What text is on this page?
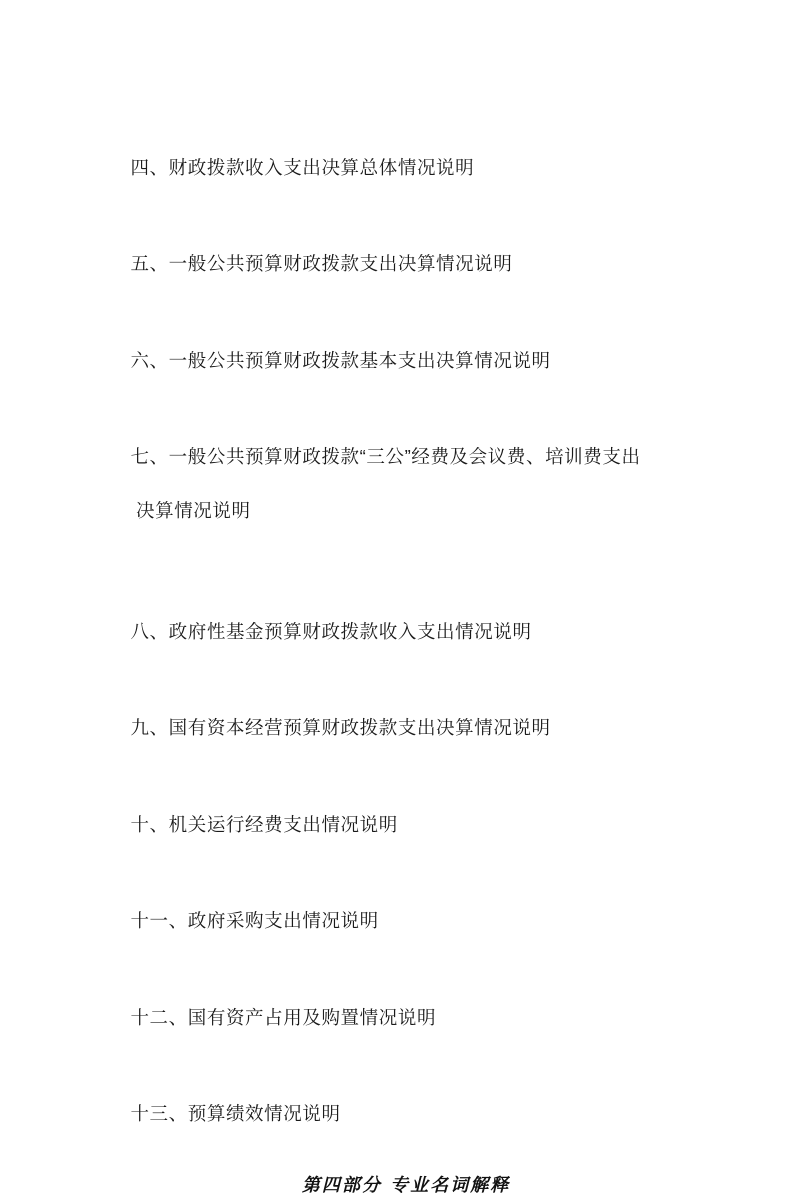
四、财政拨款收入支出决算总体情况说明

五、一般公共预算财政拨款支出决算情况说明

六、一般公共预算财政拨款基本支出决算情况说明

七、一般公共预算财政拨款“三公”经费及会议费、培训费支出

决算情况说明

八、政府性基金预算财政拨款收入支出情况说明

九、国有资本经营预算财政拨款支出决算情况说明

十、机关运行经费支出情况说明

十一、政府采购支出情况说明

十二、国有资产占用及购置情况说明

十三、预算绩效情况说明

第四部分 专业名词解释
